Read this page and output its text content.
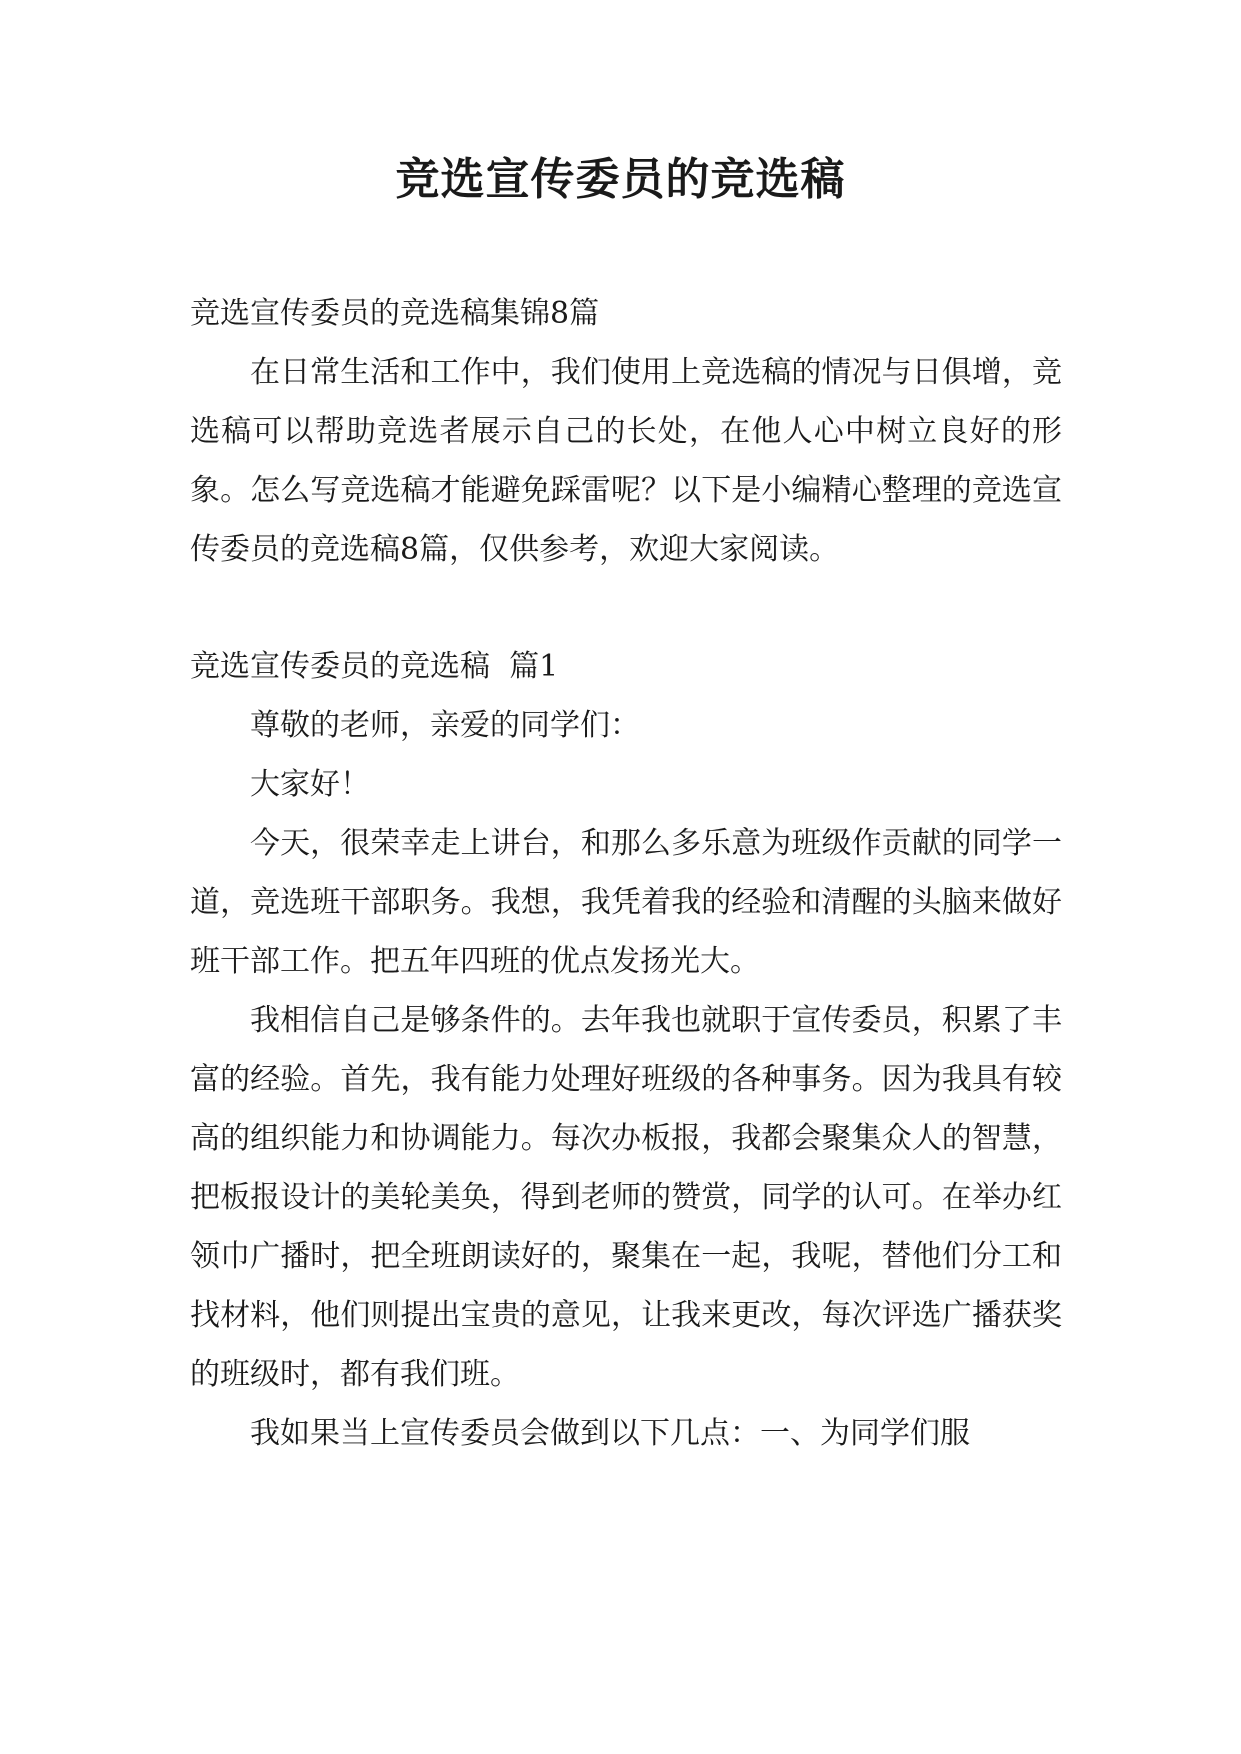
竞选宣传委员的竞选稿

竞选宣传委员的竞选稿集锦8篇

在日常生活和工作中，我们使用上竞选稿的情况与日俱增，竞选稿可以帮助竞选者展示自己的长处，在他人心中树立良好的形象。怎么写竞选稿才能避免踩雷呢？以下是小编精心整理的竞选宣传委员的竞选稿8篇，仅供参考，欢迎大家阅读。

竞选宣传委员的竞选稿  篇1

尊敬的老师，亲爱的同学们：

大家好！

今天，很荣幸走上讲台，和那么多乐意为班级作贡献的同学一道，竞选班干部职务。我想，我凭着我的经验和清醒的头脑来做好班干部工作。把五年四班的优点发扬光大。

我相信自己是够条件的。去年我也就职于宣传委员，积累了丰富的经验。首先，我有能力处理好班级的各种事务。因为我具有较高的组织能力和协调能力。每次办板报，我都会聚集众人的智慧，把板报设计的美轮美奂，得到老师的赞赏，同学的认可。在举办红领巾广播时，把全班朗读好的，聚集在一起，我呢，替他们分工和找材料，他们则提出宝贵的意见，让我来更改，每次评选广播获奖的班级时，都有我们班。

我如果当上宣传委员会做到以下几点：一、为同学们服
